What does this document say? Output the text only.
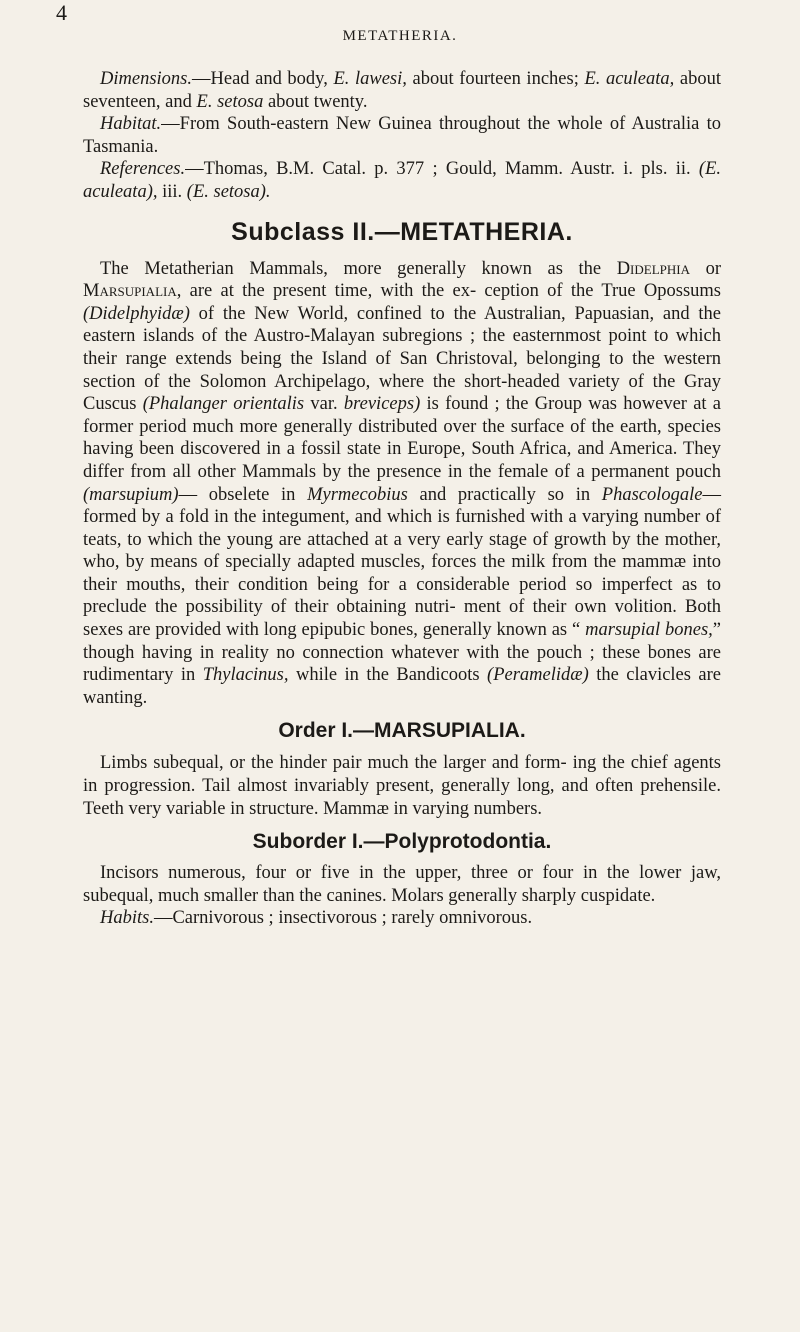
4
METATHERIA.

Dimensions.—Head and body, E. lawesi, about fourteen inches; E. aculeata, about seventeen, and E. setosa about twenty.

Habitat.—From South-eastern New Guinea throughout the whole of Australia to Tasmania.

References.—Thomas, B.M. Catal. p. 377 ; Gould, Mamm. Austr. i. pls. ii. (E. aculeata), iii. (E. setosa).

Subclass II.—METATHERIA.

The Metatherian Mammals, more generally known as the Didelphia or Marsupialia, are at the present time, with the ex- ception of the True Opossums (Didelphyidæ) of the New World, confined to the Australian, Papuasian, and the eastern islands of the Austro-Malayan subregions ; the easternmost point to which their range extends being the Island of San Christoval, belonging to the western section of the Solomon Archipelago, where the short-headed variety of the Gray Cuscus (Phalanger orientalis var. breviceps) is found ; the Group was however at a former period much more generally distributed over the surface of the earth, species having been discovered in a fossil state in Europe, South Africa, and America. They differ from all other Mammals by the presence in the female of a permanent pouch (marsupium)— obselete in Myrmecobius and practically so in Phascologale— formed by a fold in the integument, and which is furnished with a varying number of teats, to which the young are attached at a very early stage of growth by the mother, who, by means of specially adapted muscles, forces the milk from the mammæ into their mouths, their condition being for a considerable period so imperfect as to preclude the possibility of their obtaining nutri- ment of their own volition. Both sexes are provided with long epipubic bones, generally known as “ marsupial bones,” though having in reality no connection whatever with the pouch ; these bones are rudimentary in Thylacinus, while in the Bandicoots (Peramelidæ) the clavicles are wanting.

Order I.—MARSUPIALIA.

Limbs subequal, or the hinder pair much the larger and form- ing the chief agents in progression. Tail almost invariably present, generally long, and often prehensile. Teeth very variable in structure. Mammæ in varying numbers.

Suborder I.—Polyprotodontia.

Incisors numerous, four or five in the upper, three or four in the lower jaw, subequal, much smaller than the canines. Molars generally sharply cuspidate.

Habits.—Carnivorous ; insectivorous ; rarely omnivorous.
